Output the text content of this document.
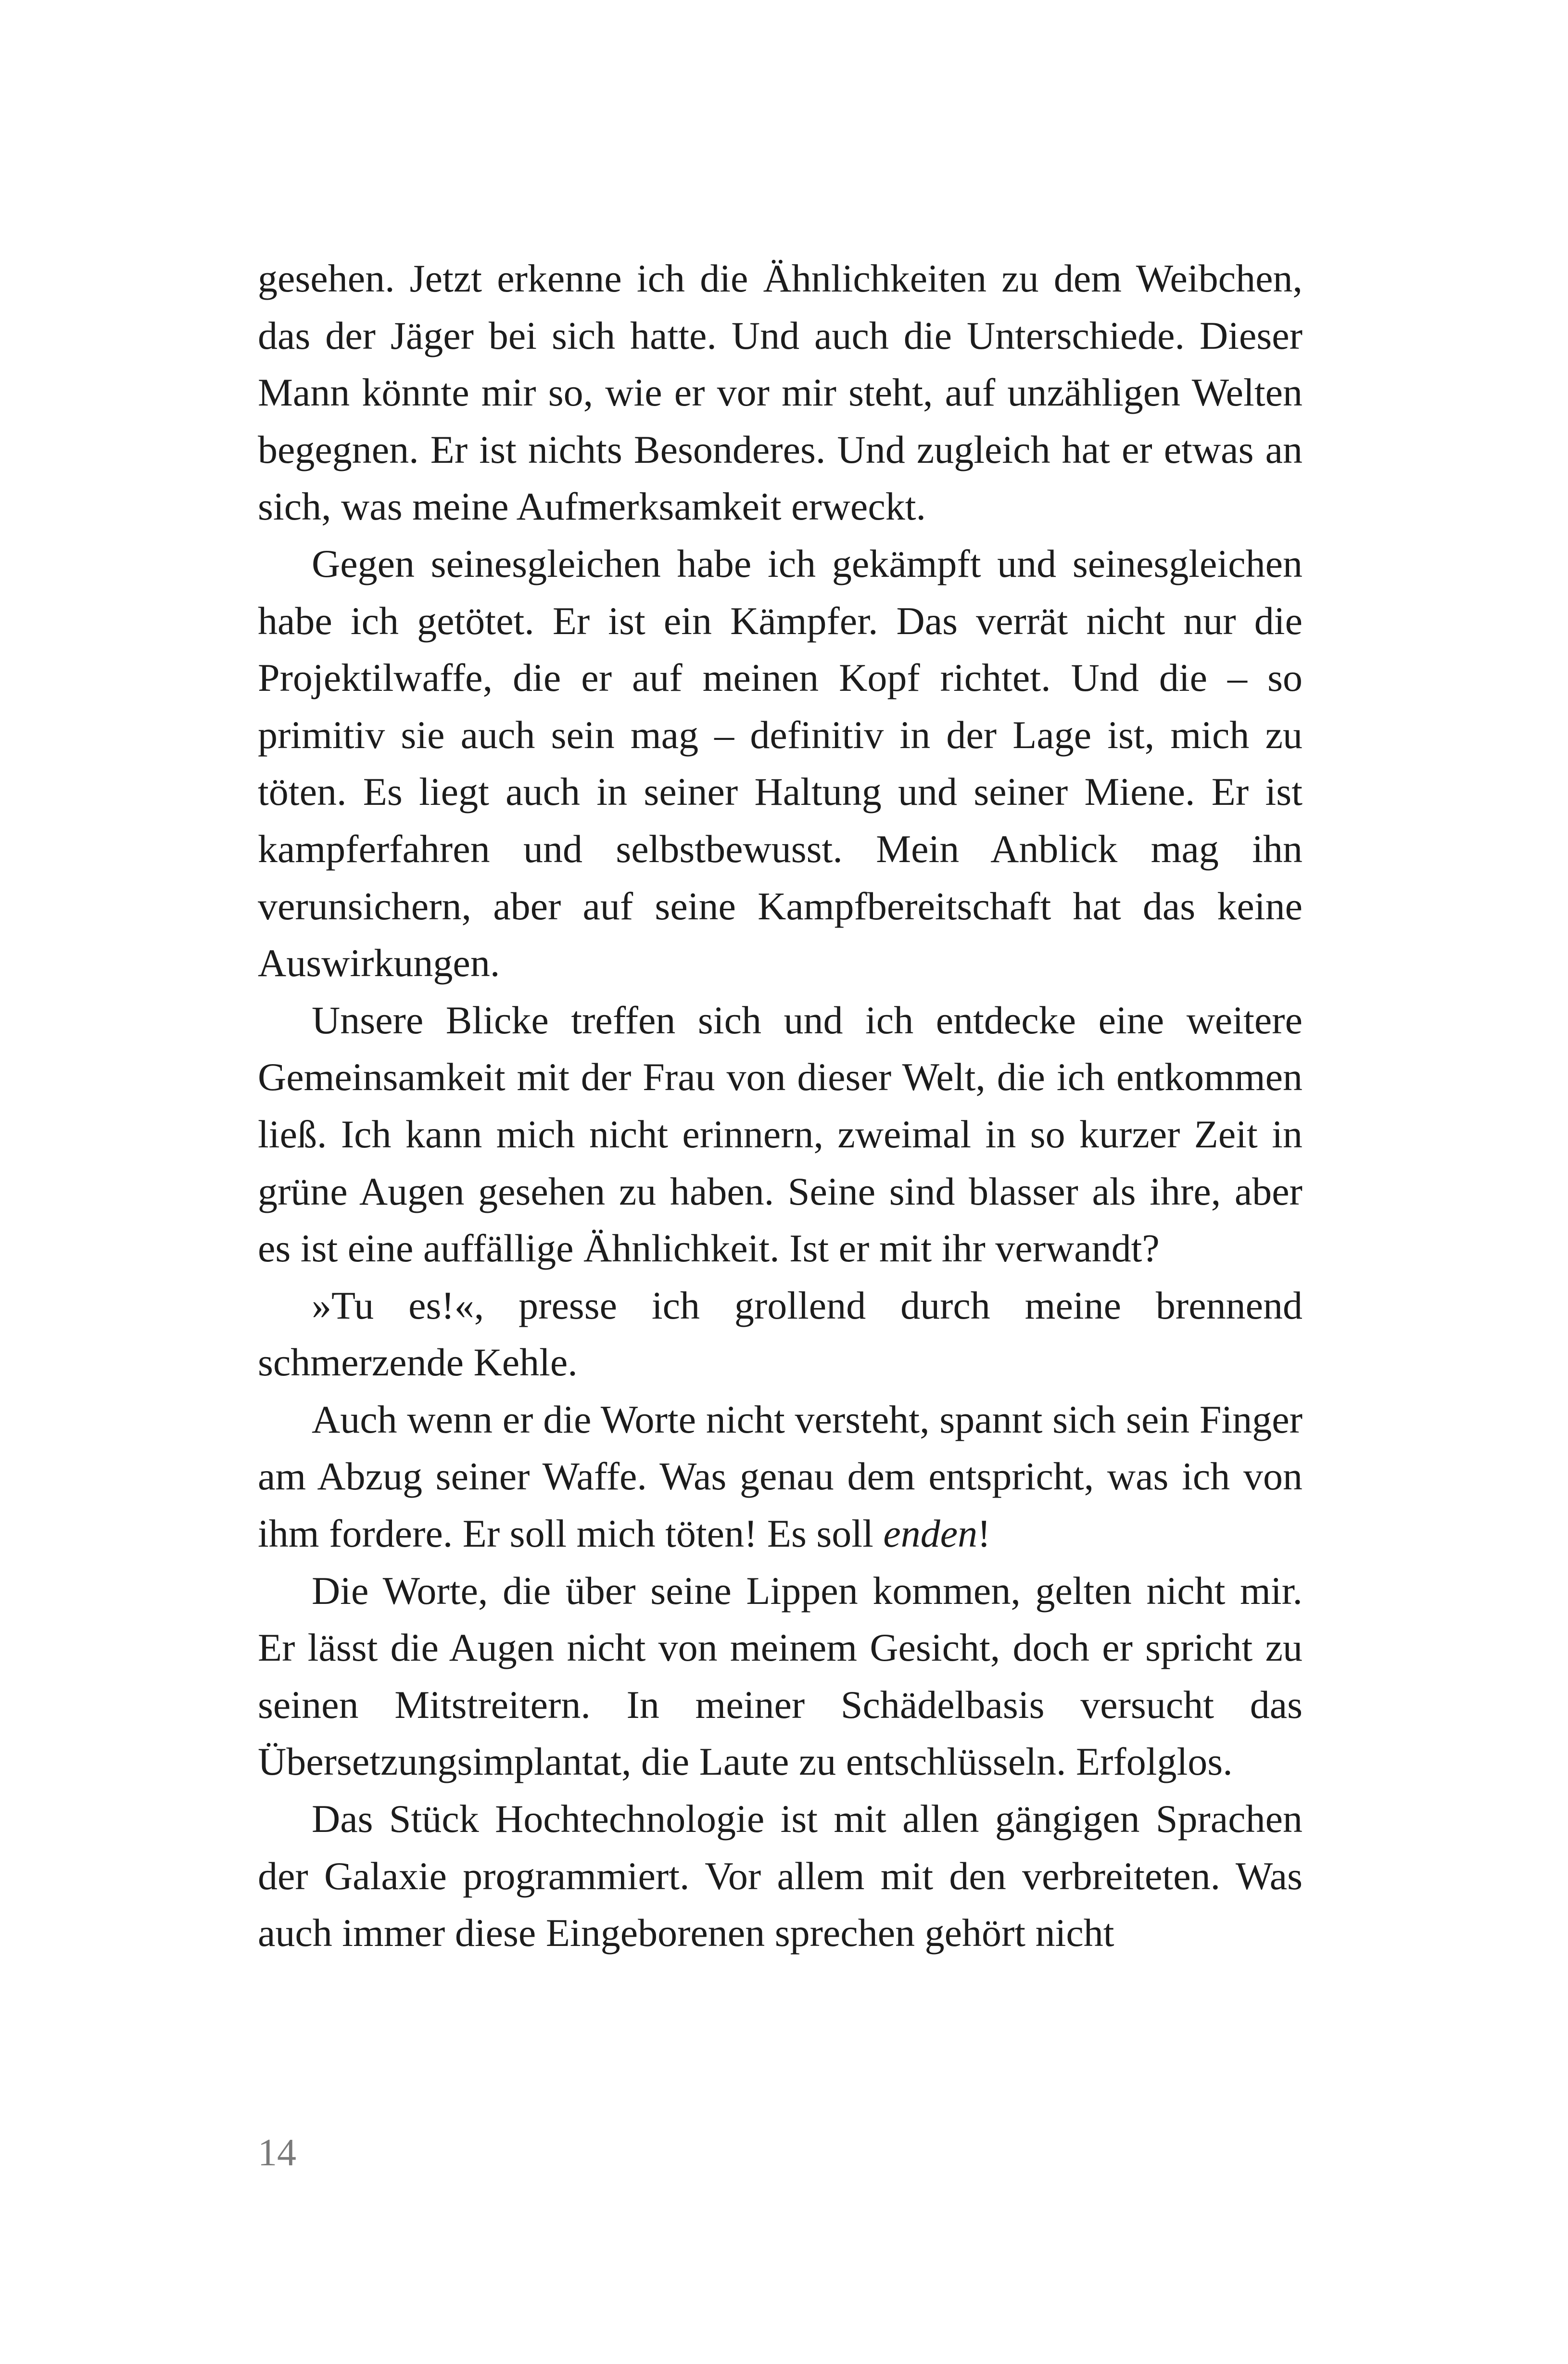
gesehen. Jetzt erkenne ich die Ähnlichkeiten zu dem Weibchen, das der Jäger bei sich hatte. Und auch die Unterschiede. Dieser Mann könnte mir so, wie er vor mir steht, auf unzähligen Welten begegnen. Er ist nichts Besonderes. Und zugleich hat er etwas an sich, was meine Aufmerksamkeit erweckt.

Gegen seinesgleichen habe ich gekämpft und seinesgleichen habe ich getötet. Er ist ein Kämpfer. Das verrät nicht nur die Projektilwaffe, die er auf meinen Kopf richtet. Und die – so primitiv sie auch sein mag – definitiv in der Lage ist, mich zu töten. Es liegt auch in seiner Haltung und seiner Miene. Er ist kampferfahren und selbstbewusst. Mein Anblick mag ihn verunsichern, aber auf seine Kampfbereitschaft hat das keine Auswirkungen.

Unsere Blicke treffen sich und ich entdecke eine weitere Gemeinsamkeit mit der Frau von dieser Welt, die ich entkommen ließ. Ich kann mich nicht erinnern, zweimal in so kurzer Zeit in grüne Augen gesehen zu haben. Seine sind blasser als ihre, aber es ist eine auffällige Ähnlichkeit. Ist er mit ihr verwandt?

»Tu es!«, presse ich grollend durch meine brennend schmerzende Kehle.

Auch wenn er die Worte nicht versteht, spannt sich sein Finger am Abzug seiner Waffe. Was genau dem entspricht, was ich von ihm fordere. Er soll mich töten! Es soll enden!

Die Worte, die über seine Lippen kommen, gelten nicht mir. Er lässt die Augen nicht von meinem Gesicht, doch er spricht zu seinen Mitstreitern. In meiner Schädelbasis versucht das Übersetzungsimplantat, die Laute zu entschlüsseln. Erfolglos.

Das Stück Hochtechnologie ist mit allen gängigen Sprachen der Galaxie programmiert. Vor allem mit den verbreiteten. Was auch immer diese Eingeborenen sprechen gehört nicht

14
